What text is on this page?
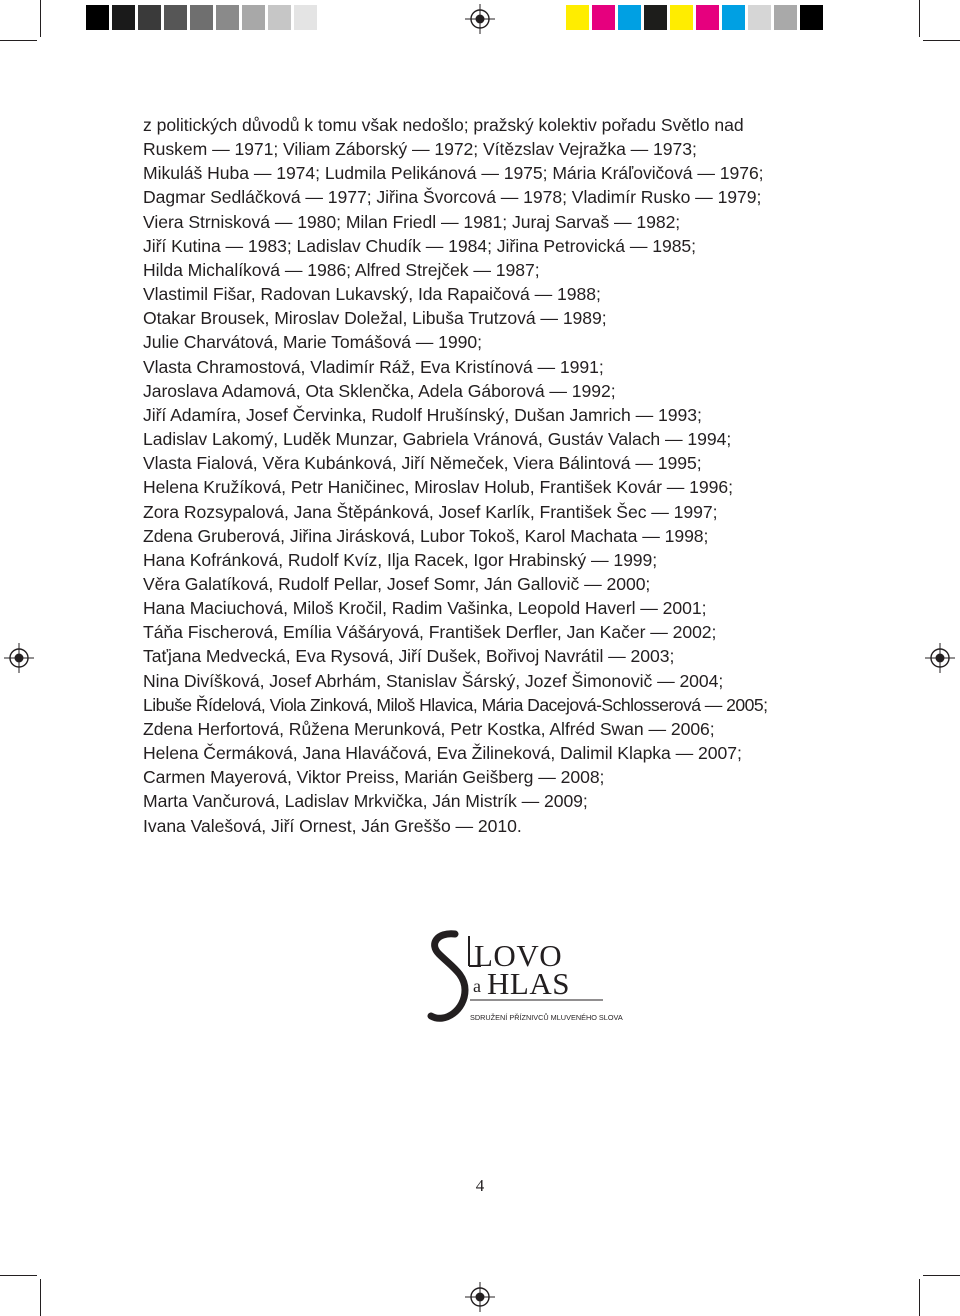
z politických důvodů k tomu však nedošlo; pražský kolektiv pořadu Světlo nad
Ruskem — 1971; Viliam Záborský — 1972; Vítězslav Vejražka — 1973;
Mikuláš Huba — 1974; Ludmila Pelikánová — 1975; Mária Kráľovičová — 1976;
Dagmar Sedláčková — 1977; Jiřina Švorcová — 1978; Vladimír Rusko — 1979;
Viera Strnisková — 1980; Milan Friedl — 1981; Juraj Sarvaš — 1982;
Jiří Kutina — 1983; Ladislav Chudík — 1984; Jiřina Petrovická — 1985;
Hilda Michalíková — 1986; Alfred Strejček — 1987;
Vlastimil Fišar, Radovan Lukavský, Ida Rapaičová — 1988;
Otakar Brousek, Miroslav Doležal, Libuša Trutzová — 1989;
Julie Charvátová, Marie Tomášová — 1990;
Vlasta Chramostová, Vladimír Ráž, Eva Kristínová — 1991;
Jaroslava Adamová, Ota Sklenčka, Adela Gáborová — 1992;
Jiří Adamíra, Josef Červinka, Rudolf Hrušínský, Dušan Jamrich — 1993;
Ladislav Lakomý, Luděk Munzar, Gabriela Vránová, Gustáv Valach — 1994;
Vlasta Fialová, Věra Kubánková, Jiří Němeček, Viera Bálintová — 1995;
Helena Kružíková, Petr Haničinec, Miroslav Holub, František Kovár — 1996;
Zora Rozsypalová, Jana Štěpánková, Josef Karlík, František Šec — 1997;
Zdena Gruberová, Jiřina Jirásková, Lubor Tokoš, Karol Machata — 1998;
Hana Kofránková, Rudolf Kvíz, Ilja Racek, Igor Hrabinský — 1999;
Věra Galatíková, Rudolf Pellar, Josef Somr, Ján Gallovič — 2000;
Hana Maciuchová, Miloš Kročil, Radim Vašinka, Leopold Haverl — 2001;
Táňa Fischerová, Emília Vášáryová, František Derfler, Jan Kačer — 2002;
Taťjana Medvecká, Eva Rysová, Jiří Dušek, Bořivoj Navrátil — 2003;
Nina Divíšková, Josef Abrhám, Stanislav Šárský, Jozef Šimonovič — 2004;
Libuše Řídelová, Viola Zinková, Miloš Hlavica, Mária Dacejová-Schlosserová — 2005;
Zdena Herfortová, Růžena Merunková, Petr Kostka, Alfréd Swan — 2006;
Helena Čermáková, Jana Hlaváčová, Eva Žilineková, Dalimil Klapka — 2007;
Carmen Mayerová, Viktor Preiss, Marián Geišberg — 2008;
Marta Vančurová, Ladislav Mrkvička, Ján Mistrík — 2009;
Ivana Valešová, Jiří Ornest, Ján Greššo — 2010.
LOVO
a HLAS
SDRUŽENÍ PŘÍZNIVCŮ MLUVENÉHO SLOVA
4
